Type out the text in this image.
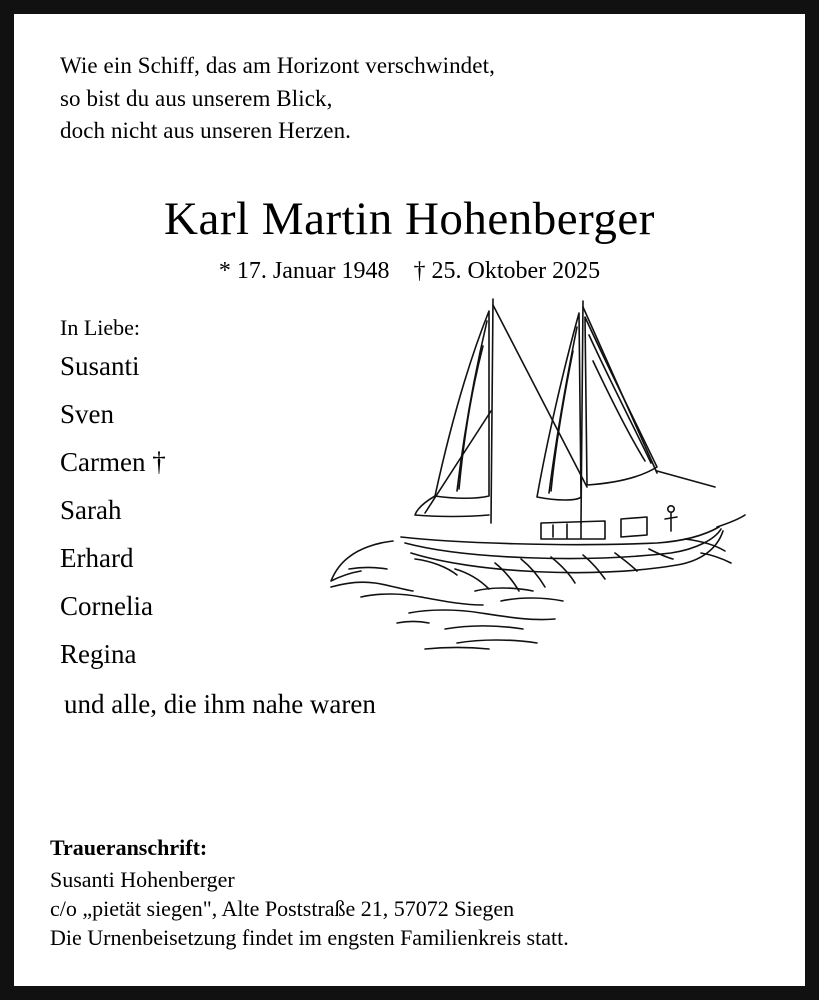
Wie ein Schiff, das am Horizont verschwindet,
so bist du aus unserem Blick,
doch nicht aus unseren Herzen.
Karl Martin Hohenberger
* 17. Januar 1948    † 25. Oktober 2025
In Liebe:
Susanti
Sven
Carmen †
Sarah
Erhard
Cornelia
Regina
und alle, die ihm nahe waren
Traueranschrift:
Susanti Hohenberger
c/o „pietät siegen", Alte Poststraße 21, 57072 Siegen
Die Urnenbeisetzung findet im engsten Familienkreis statt.
